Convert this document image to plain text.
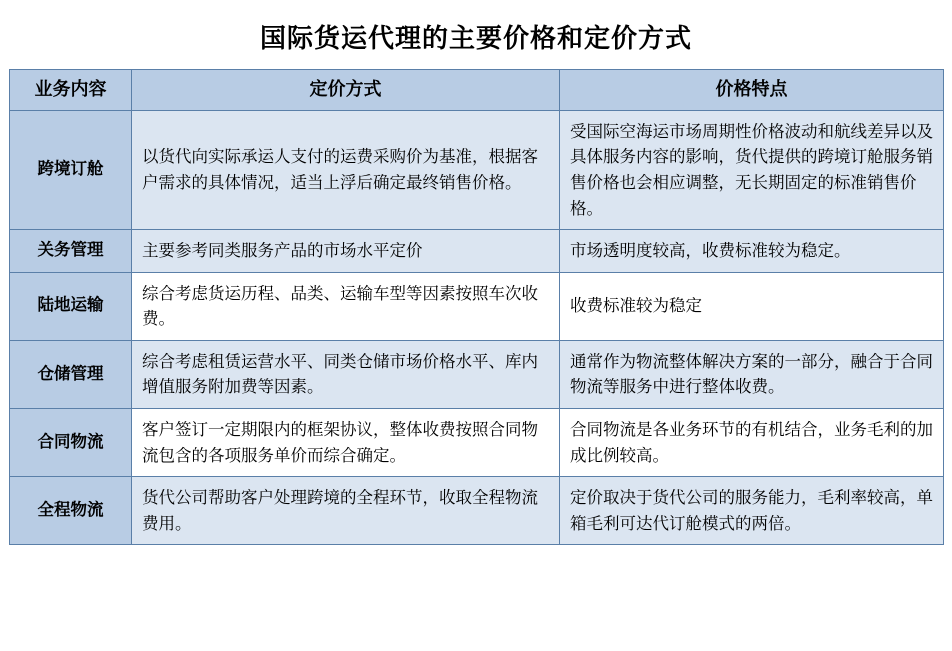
国际货运代理的主要价格和定价方式
业务内容	定价方式	价格特点
跨境订舱	以货代向实际承运人支付的运费采购价为基准，根据客户需求的具体情况，适当上浮后确定最终销售价格。	受国际空海运市场周期性价格波动和航线差异以及具体服务内容的影响，货代提供的跨境订舱服务销售价格也会相应调整，无长期固定的标准销售价格。
关务管理	主要参考同类服务产品的市场水平定价	市场透明度较高，收费标准较为稳定。
陆地运输	综合考虑货运历程、品类、运输车型等因素按照车次收费。	收费标准较为稳定
仓储管理	综合考虑租赁运营水平、同类仓储市场价格水平、库内增值服务附加费等因素。	通常作为物流整体解决方案的一部分，融合于合同物流等服务中进行整体收费。
合同物流	客户签订一定期限内的框架协议，整体收费按照合同物流包含的各项服务单价而综合确定。	合同物流是各业务环节的有机结合，业务毛利的加成比例较高。
全程物流	货代公司帮助客户处理跨境的全程环节，收取全程物流费用。	定价取决于货代公司的服务能力，毛利率较高，单箱毛利可达代订舱模式的两倍。
